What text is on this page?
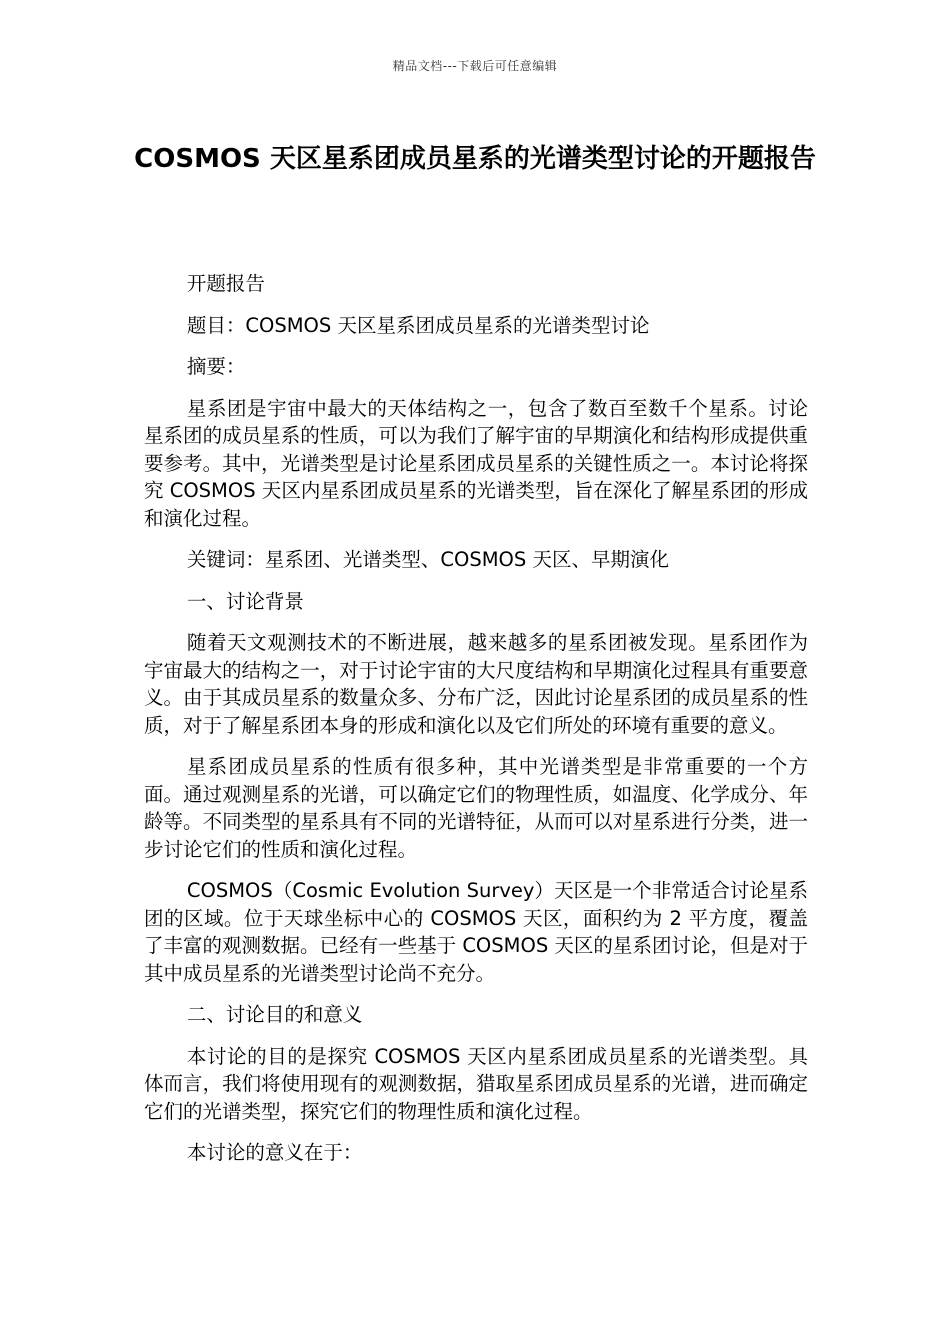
精品文档---下载后可任意编辑
COSMOS 天区星系团成员星系的光谱类型讨论的开题报告

开题报告

题目：COSMOS 天区星系团成员星系的光谱类型讨论

摘要：

星系团是宇宙中最大的天体结构之一，包含了数百至数千个星系。讨论星系团的成员星系的性质，可以为我们了解宇宙的早期演化和结构形成提供重要参考。其中，光谱类型是讨论星系团成员星系的关键性质之一。本讨论将探究 COSMOS 天区内星系团成员星系的光谱类型，旨在深化了解星系团的形成和演化过程。

关键词：星系团、光谱类型、COSMOS 天区、早期演化

一、讨论背景

随着天文观测技术的不断进展，越来越多的星系团被发现。星系团作为宇宙最大的结构之一，对于讨论宇宙的大尺度结构和早期演化过程具有重要意义。由于其成员星系的数量众多、分布广泛，因此讨论星系团的成员星系的性质，对于了解星系团本身的形成和演化以及它们所处的环境有重要的意义。

星系团成员星系的性质有很多种，其中光谱类型是非常重要的一个方面。通过观测星系的光谱，可以确定它们的物理性质，如温度、化学成分、年龄等。不同类型的星系具有不同的光谱特征，从而可以对星系进行分类，进一步讨论它们的性质和演化过程。

COSMOS（Cosmic Evolution Survey）天区是一个非常适合讨论星系团的区域。位于天球坐标中心的 COSMOS 天区，面积约为 2 平方度，覆盖了丰富的观测数据。已经有一些基于 COSMOS 天区的星系团讨论，但是对于其中成员星系的光谱类型讨论尚不充分。

二、讨论目的和意义

本讨论的目的是探究 COSMOS 天区内星系团成员星系的光谱类型。具体而言，我们将使用现有的观测数据，猎取星系团成员星系的光谱，进而确定它们的光谱类型，探究它们的物理性质和演化过程。

本讨论的意义在于：
